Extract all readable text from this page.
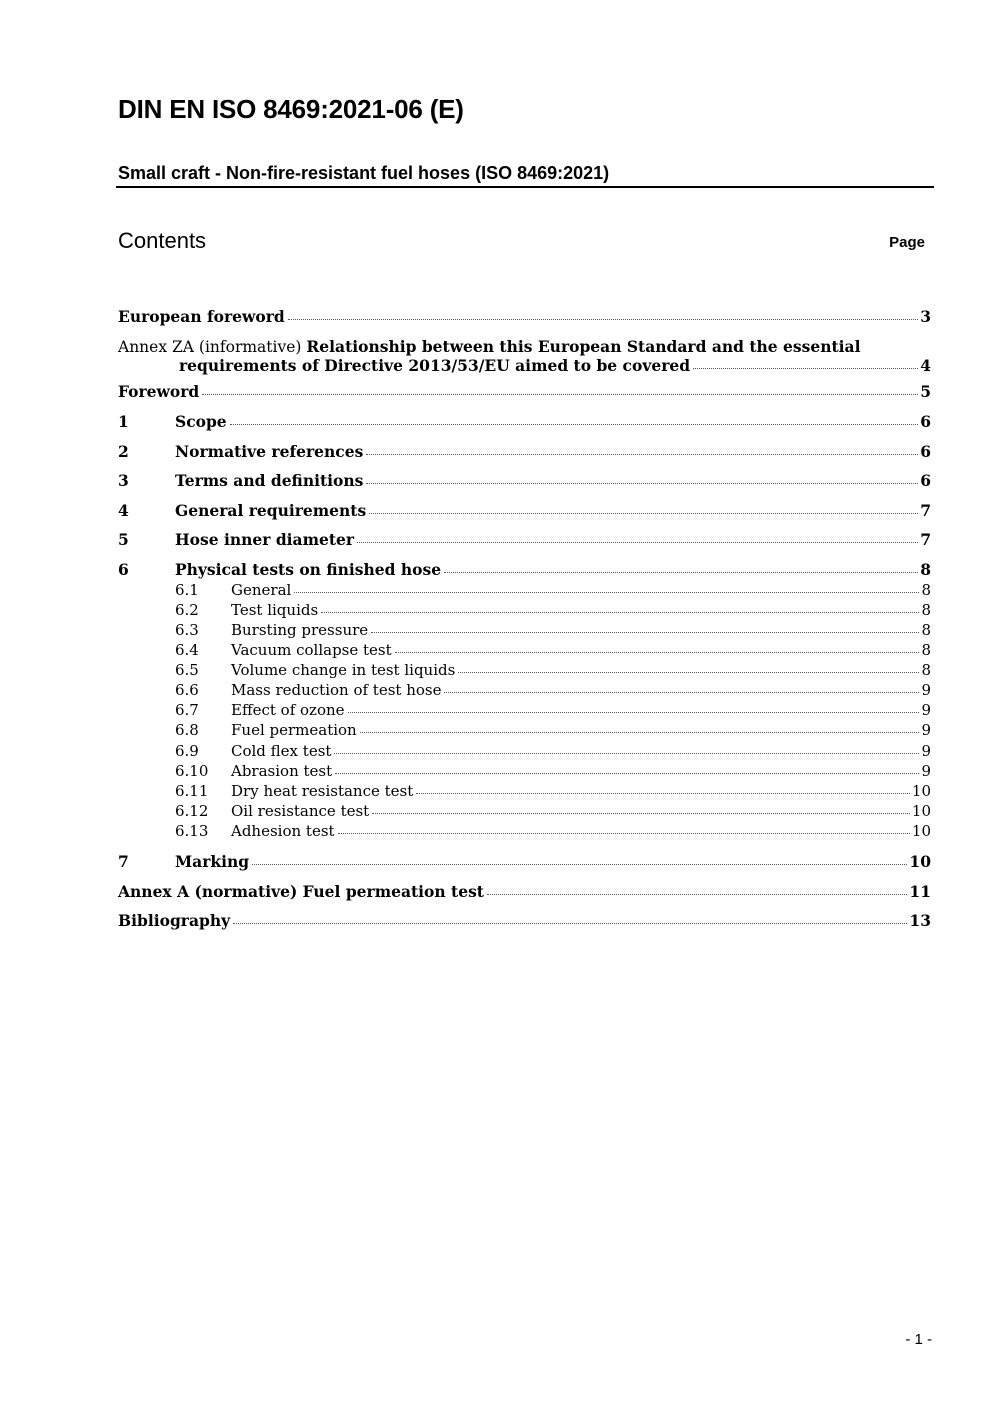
DIN EN ISO 8469:2021-06 (E)
Small craft - Non-fire-resistant fuel hoses (ISO 8469:2021)
Contents	Page
European foreword	3
Annex ZA (informative) Relationship between this European Standard and the essential
requirements of Directive 2013/53/EU aimed to be covered	4
Foreword	5
1	Scope	6
2	Normative references	6
3	Terms and definitions	6
4	General requirements	7
5	Hose inner diameter	7
6	Physical tests on finished hose	8
6.1	General	8
6.2	Test liquids	8
6.3	Bursting pressure	8
6.4	Vacuum collapse test	8
6.5	Volume change in test liquids	8
6.6	Mass reduction of test hose	9
6.7	Effect of ozone	9
6.8	Fuel permeation	9
6.9	Cold flex test	9
6.10	Abrasion test	9
6.11	Dry heat resistance test	10
6.12	Oil resistance test	10
6.13	Adhesion test	10
7	Marking	10
Annex A (normative) Fuel permeation test	11
Bibliography	13
- 1 -
